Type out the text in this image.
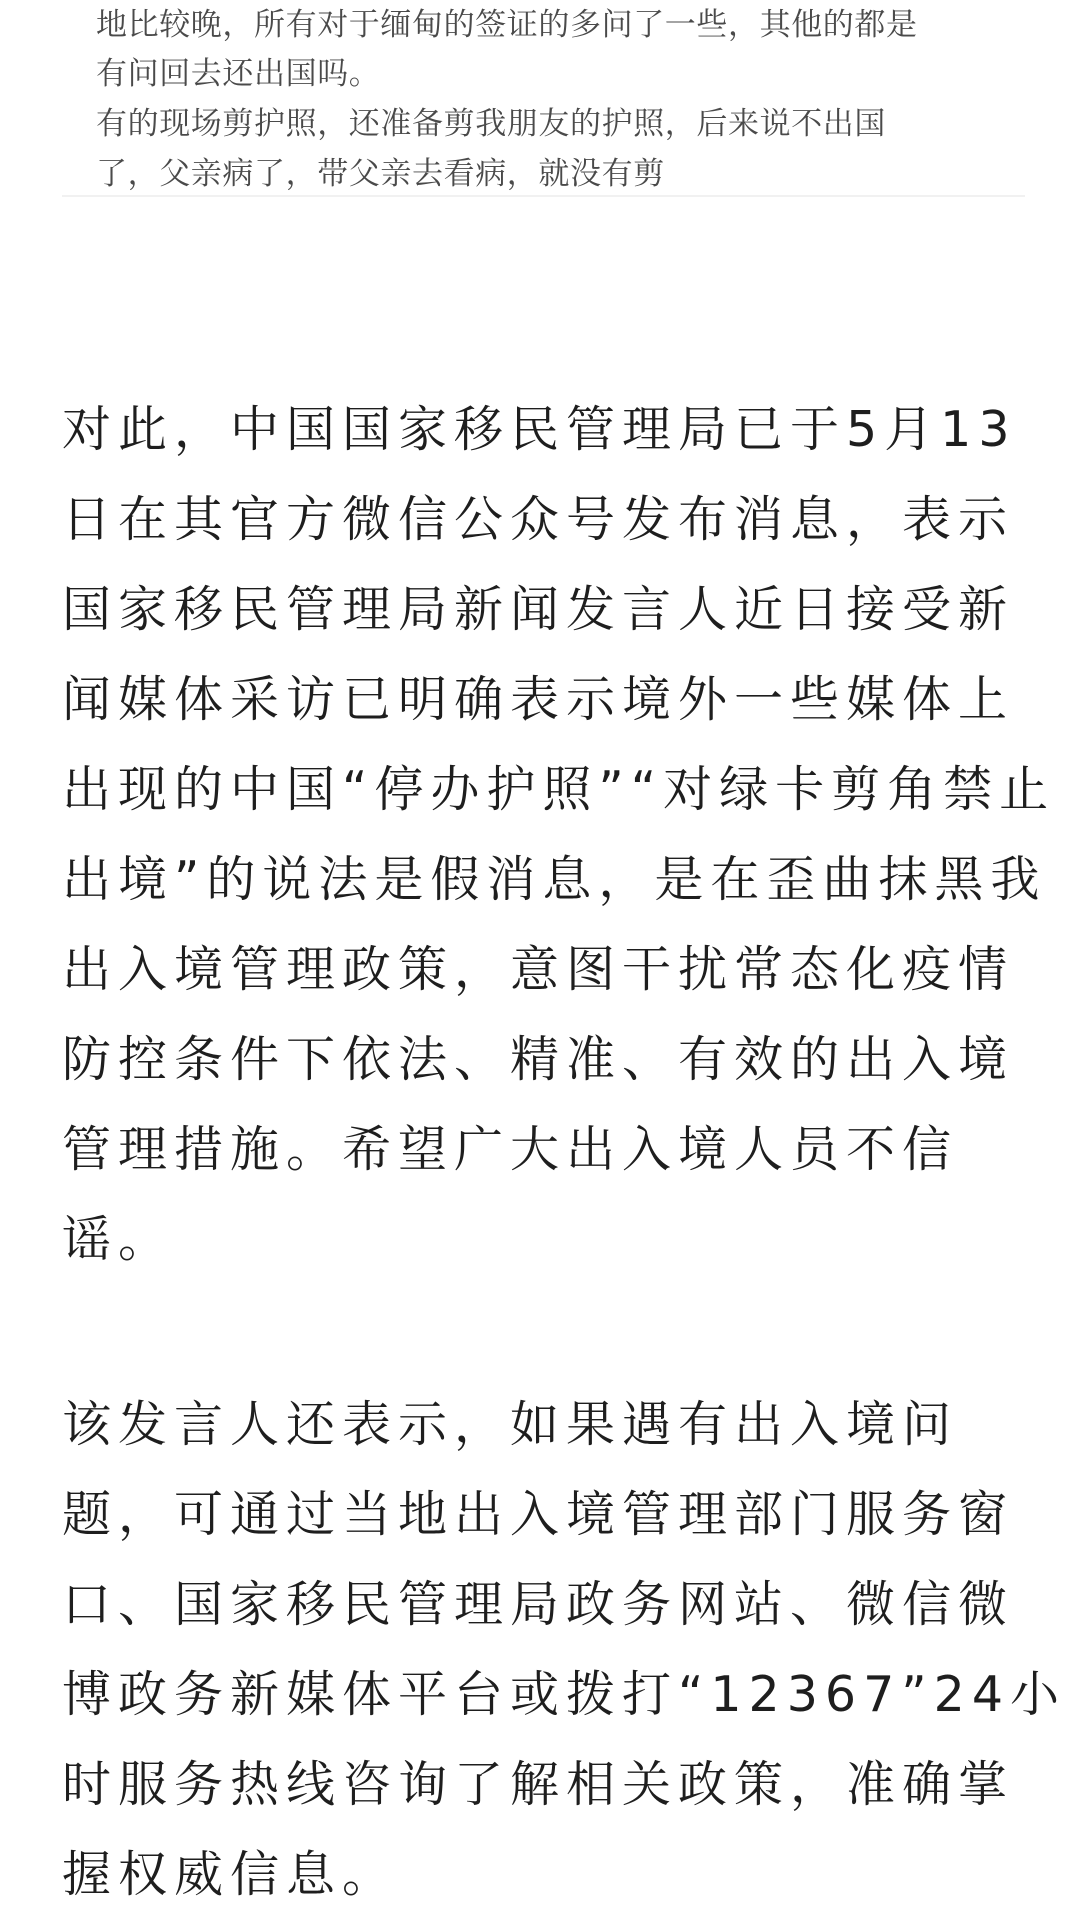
地比较晚，所有对于缅甸的签证的多问了一些，其他的都是

有问回去还出国吗。

有的现场剪护照，还准备剪我朋友的护照，后来说不出国

了，父亲病了，带父亲去看病，就没有剪

对此，中国国家移民管理局已于5月13

日在其官方微信公众号发布消息，表示

国家移民管理局新闻发言人近日接受新

闻媒体采访已明确表示境外一些媒体上

出现的中国“停办护照”“对绿卡剪角禁止

出境”的说法是假消息，是在歪曲抹黑我

出入境管理政策，意图干扰常态化疫情

防控条件下依法、精准、有效的出入境

管理措施。希望广大出入境人员不信

谣。

该发言人还表示，如果遇有出入境问

题，可通过当地出入境管理部门服务窗

口、国家移民管理局政务网站、微信微

博政务新媒体平台或拨打“12367”24小

时服务热线咨询了解相关政策，准确掌

握权威信息。
